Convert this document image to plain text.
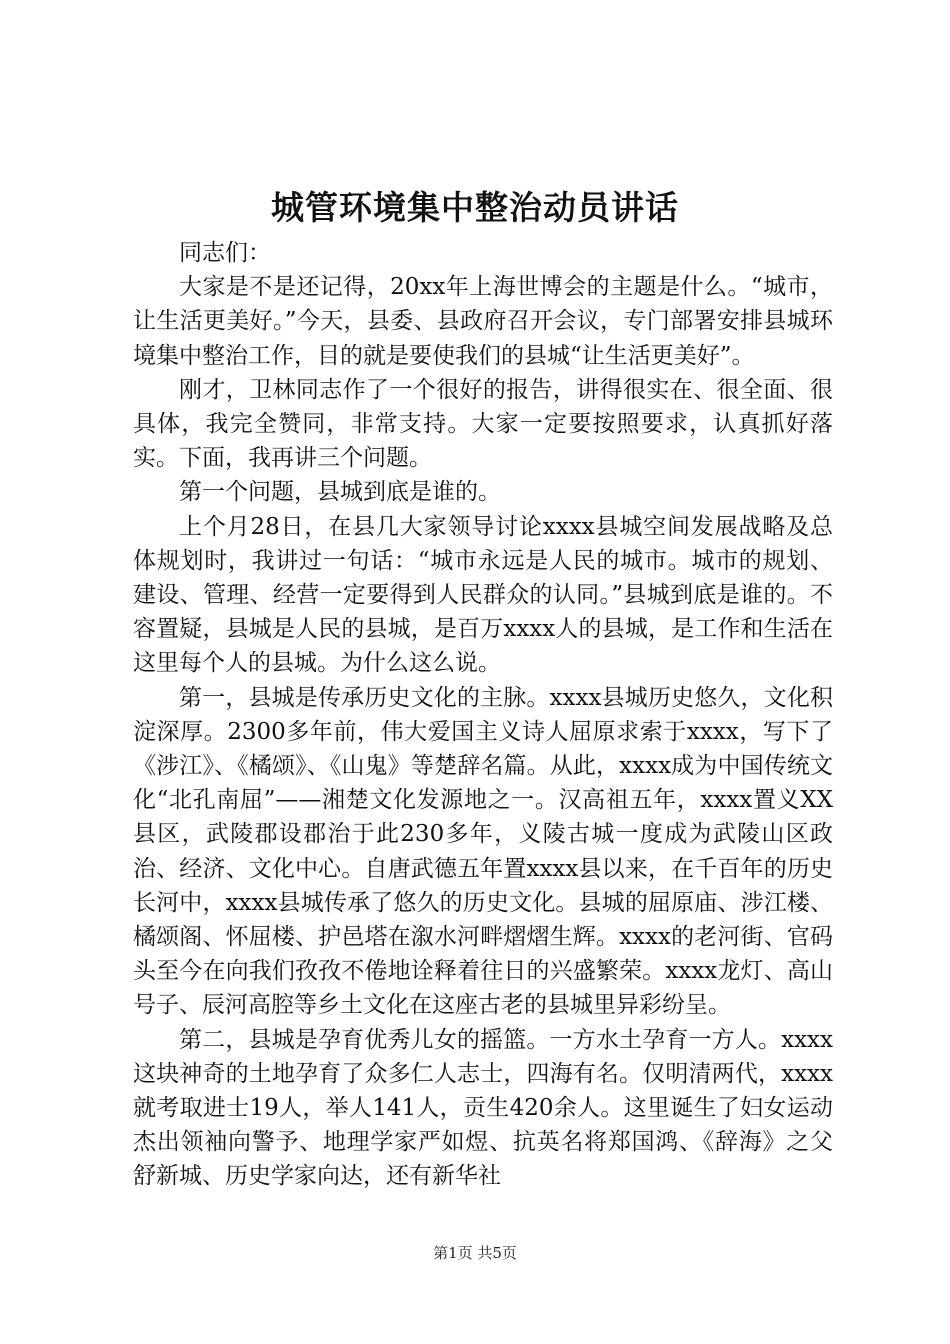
城管环境集中整治动员讲话

同志们：

大家是不是还记得，20xx年上海世博会的主题是什么。“城市，让生活更美好。”今天，县委、县政府召开会议，专门部署安排县城环境集中整治工作，目的就是要使我们的县城“让生活更美好”。

刚才，卫林同志作了一个很好的报告，讲得很实在、很全面、很具体，我完全赞同，非常支持。大家一定要按照要求，认真抓好落实。下面，我再讲三个问题。

第一个问题，县城到底是谁的。

上个月28日，在县几大家领导讨论xxxx县城空间发展战略及总体规划时，我讲过一句话：“城市永远是人民的城市。城市的规划、建设、管理、经营一定要得到人民群众的认同。”县城到底是谁的。不容置疑，县城是人民的县城，是百万xxxx人的县城，是工作和生活在这里每个人的县城。为什么这么说。

第一，县城是传承历史文化的主脉。xxxx县城历史悠久，文化积淀深厚。2300多年前，伟大爱国主义诗人屈原求索于xxxx，写下了《涉江》、《橘颂》、《山鬼》等楚辞名篇。从此，xxxx成为中国传统文化“北孔南屈”——湘楚文化发源地之一。汉高祖五年，xxxx置义XX县区，武陵郡设郡治于此230多年，义陵古城一度成为武陵山区政治、经济、文化中心。自唐武德五年置xxxx县以来，在千百年的历史长河中，xxxx县城传承了悠久的历史文化。县城的屈原庙、涉江楼、橘颂阁、怀屈楼、护邑塔在溆水河畔熠熠生辉。xxxx的老河街、官码头至今在向我们孜孜不倦地诠释着往日的兴盛繁荣。xxxx龙灯、高山号子、辰河高腔等乡土文化在这座古老的县城里异彩纷呈。

第二，县城是孕育优秀儿女的摇篮。一方水土孕育一方人。xxxx这块神奇的土地孕育了众多仁人志士，四海有名。仅明清两代，xxxx就考取进士19人，举人141人，贡生420余人。这里诞生了妇女运动杰出领袖向警予、地理学家严如煜、抗英名将郑国鸿、《辞海》之父舒新城、历史学家向达，还有新华社

第1页 共5页
